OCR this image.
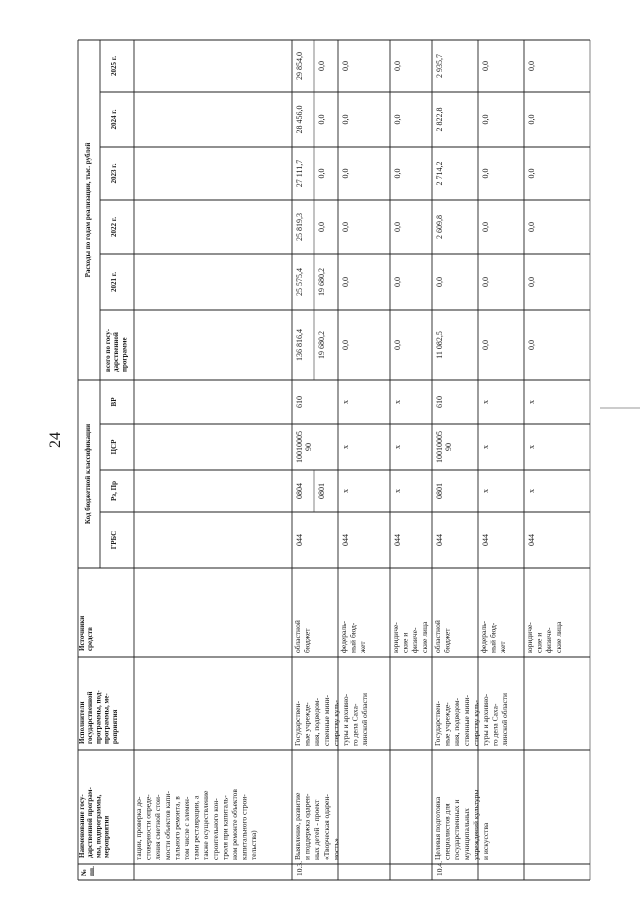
24
№пп.
Наименование госу-дарственной програм-мы, подпрограммы,мероприятия
Исполнителигосударственнойпрограммы, под-программы, ме-роприятия
Источникисредств
Код бюджетной классификации
ГРБС
Рз, Пр
ЦСР
ВР
Расходы по годам реализации, тыс. рублей
всего по госу-дарственнойпрограмме
2021 г.
2022 г.
2023 г.
2024 г.
2025 г.
тации, проверка до-стоверности опреде-ления сметной стои-мости объектов капи-тального ремонта, втом числе с элемен-тами реставрации, атакже осуществлениестроительного кон-троля при капиталь-ном ремонте объектовкапитального строи-тельства)
10.3.
Выявление, развитиеи поддержка одарен-ных детей - проект«Творческая одарен-ность»
Государствен-ные учрежде-ния, подведом-ственные мини-стерству куль-туры и архивно-го дела Саха-линской области
областнойбюджет
044
0804 0801
1001000590
610
136 816,4 19 680,2
25 575,4 19 680,2
25 819,3 0,0
27 111,7 0,0
28 456,0 0,0
29 854,0 0,0
федераль-ный бюд-жет
044
х
х
х
0,0
0,0
0,0
0,0
0,0
0,0
юридиче-ские ифизиче-ские лица
044
х
х
х
0,0
0,0
0,0
0,0
0,0
0,0
10.4.
Целевая подготовкаспециалистов длягосударственных имуниципальныхучреждений культурыи искусства
Государствен-ные учрежде-ния, подведом-ственные мини-стерству куль-туры и архивно-го дела Саха-линской области
областнойбюджет
044
0801
1001000590
610
11 082,5
0,0
2 609,8
2 714,2
2 822,8
2 935,7
федераль-ный бюд-жет
044
х
х
х
0,0
0,0
0,0
0,0
0,0
0,0
юридиче-ские ифизиче-ские лица
044
х
х
х
0,0
0,0
0,0
0,0
0,0
0,0
